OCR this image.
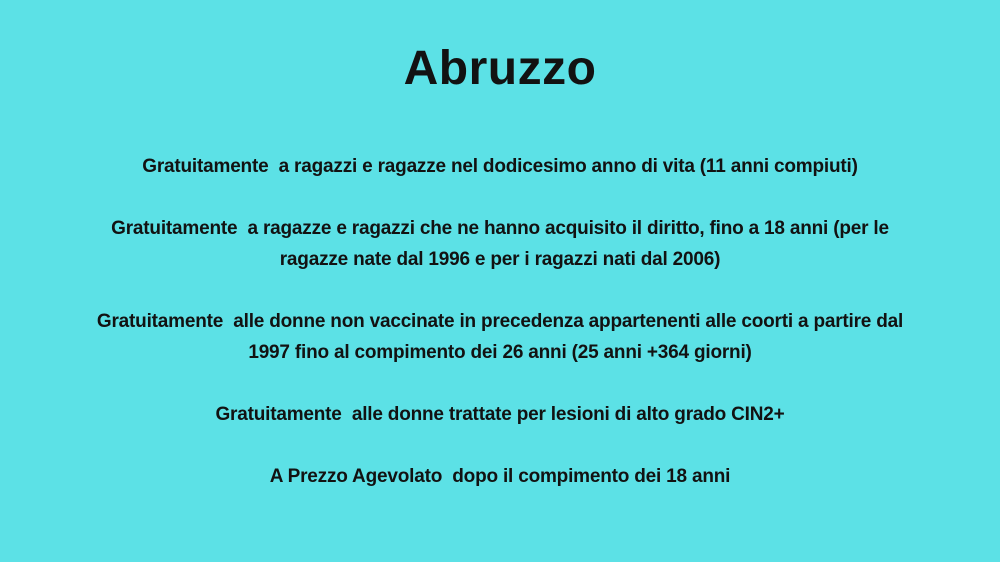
Abruzzo
Gratuitamente  a ragazzi e ragazze nel dodicesimo anno di vita (11 anni compiuti)
Gratuitamente  a ragazze e ragazzi che ne hanno acquisito il diritto, fino a 18 anni (per le
ragazze nate dal 1996 e per i ragazzi nati dal 2006)
Gratuitamente  alle donne non vaccinate in precedenza appartenenti alle coorti a partire dal
1997 fino al compimento dei 26 anni (25 anni +364 giorni)
Gratuitamente  alle donne trattate per lesioni di alto grado CIN2+
A Prezzo Agevolato  dopo il compimento dei 18 anni
